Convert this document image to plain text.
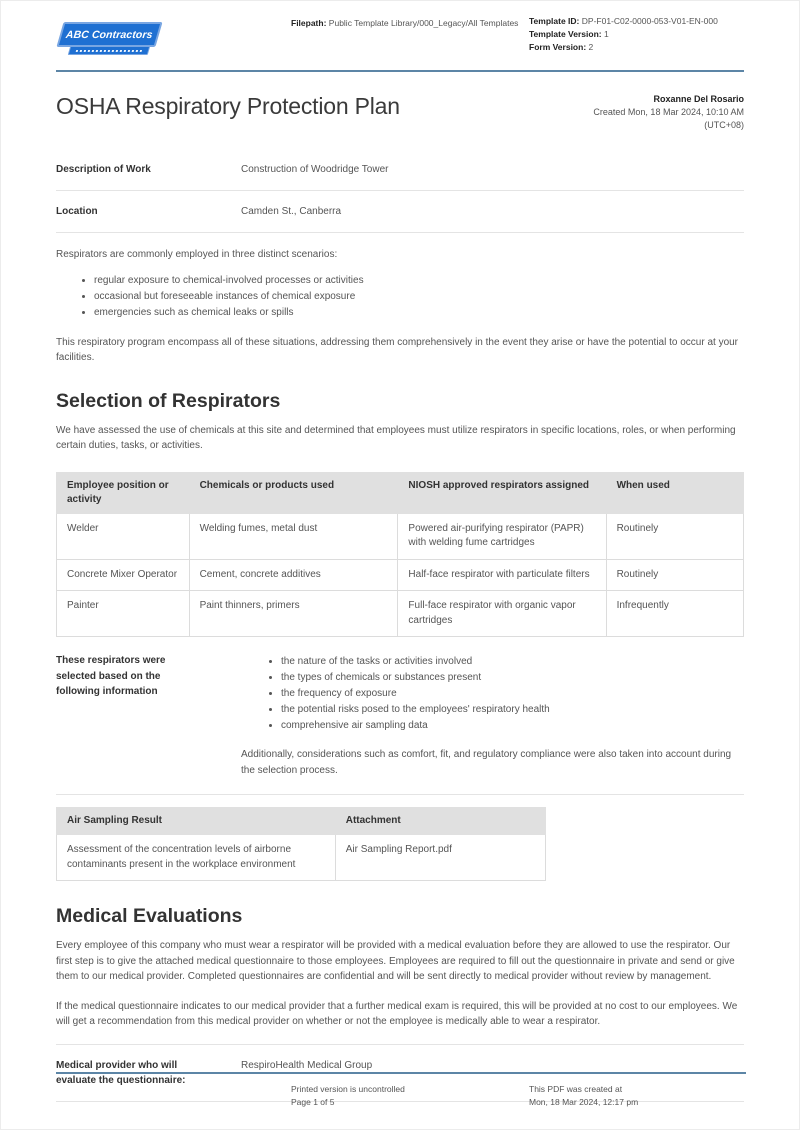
ABC Contractors
Filepath: Public Template Library/000_Legacy/All Templates Template ID: DP-F01-C02-0000-053-V01-EN-000
Template Version: 1
Form Version: 2
OSHA Respiratory Protection Plan	Roxanne Del Rosario
Created Mon, 18 Mar 2024, 10:10 AM
(UTC+08)
Description of Work	Construction of Woodridge Tower
Location	Camden St., Canberra

Respirators are commonly employed in three distinct scenarios:

• regular exposure to chemical-involved processes or activities
• occasional but foreseeable instances of chemical exposure
• emergencies such as chemical leaks or spills

This respiratory program encompass all of these situations, addressing them comprehensively in the event they arise or have the potential to occur at your facilities.

Selection of Respirators

We have assessed the use of chemicals at this site and determined that employees must utilize respirators in specific locations, roles, or when performing certain duties, tasks, or activities.

Employee position or activity	Chemicals or products used	NIOSH approved respirators assigned	When used
Welder	Welding fumes, metal dust	Powered air-purifying respirator (PAPR) with welding fume cartridges	Routinely
Concrete Mixer Operator	Cement, concrete additives	Half-face respirator with particulate filters	Routinely
Painter	Paint thinners, primers	Full-face respirator with organic vapor cartridges	Infrequently
These respirators were selected based on the following information
• the nature of the tasks or activities involved
• the types of chemicals or substances present
• the frequency of exposure
• the potential risks posed to the employees' respiratory health
• comprehensive air sampling data

Additionally, considerations such as comfort, fit, and regulatory compliance were also taken into account during the selection process.

Air Sampling Result	Attachment
Assessment of the concentration levels of airborne contaminants present in the workplace environment	Air Sampling Report.pdf
Medical Evaluations

Every employee of this company who must wear a respirator will be provided with a medical evaluation before they are allowed to use the respirator. Our first step is to give the attached medical questionnaire to those employees. Employees are required to fill out the questionnaire in private and send or give them to our medical provider. Completed questionnaires are confidential and will be sent directly to medical provider without review by management.

If the medical questionnaire indicates to our medical provider that a further medical exam is required, this will be provided at no cost to our employees. We will get a recommendation from this medical provider on whether or not the employee is medically able to wear a respirator.

Medical provider who will evaluate the questionnaire:
RespiroHealth Medical Group
Printed version is uncontrolled
Page 1 of 5
This PDF was created at
Mon, 18 Mar 2024, 12:17 pm
